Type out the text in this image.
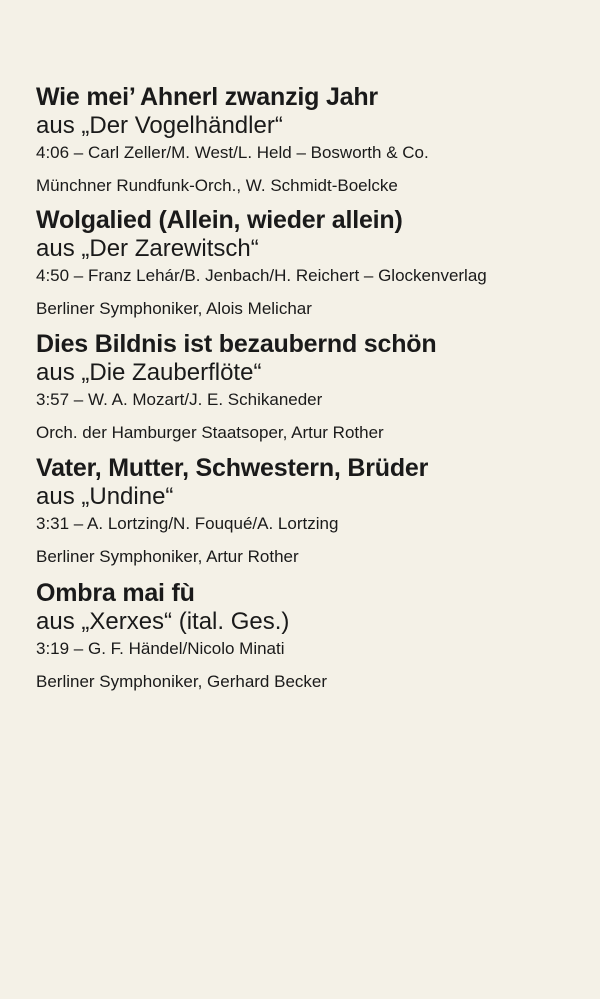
Wie mei’ Ahnerl zwanzig Jahr
aus „Der Vogelhändler“
4:06 – Carl Zeller/M. West/L. Held – Bosworth & Co.
Münchner Rundfunk-Orch., W. Schmidt-Boelcke
Wolgalied (Allein, wieder allein)
aus „Der Zarewitsch“
4:50 – Franz Lehár/B. Jenbach/H. Reichert – Glockenverlag
Berliner Symphoniker, Alois Melichar
Dies Bildnis ist bezaubernd schön
aus „Die Zauberflöte“
3:57 – W. A. Mozart/J. E. Schikaneder
Orch. der Hamburger Staatsoper, Artur Rother
Vater, Mutter, Schwestern, Brüder
aus „Undine“
3:31 – A. Lortzing/N. Fouqué/A. Lortzing
Berliner Symphoniker, Artur Rother
Ombra mai fù
aus „Xerxes“ (ital. Ges.)
3:19 – G. F. Händel/Nicolo Minati
Berliner Symphoniker, Gerhard Becker
